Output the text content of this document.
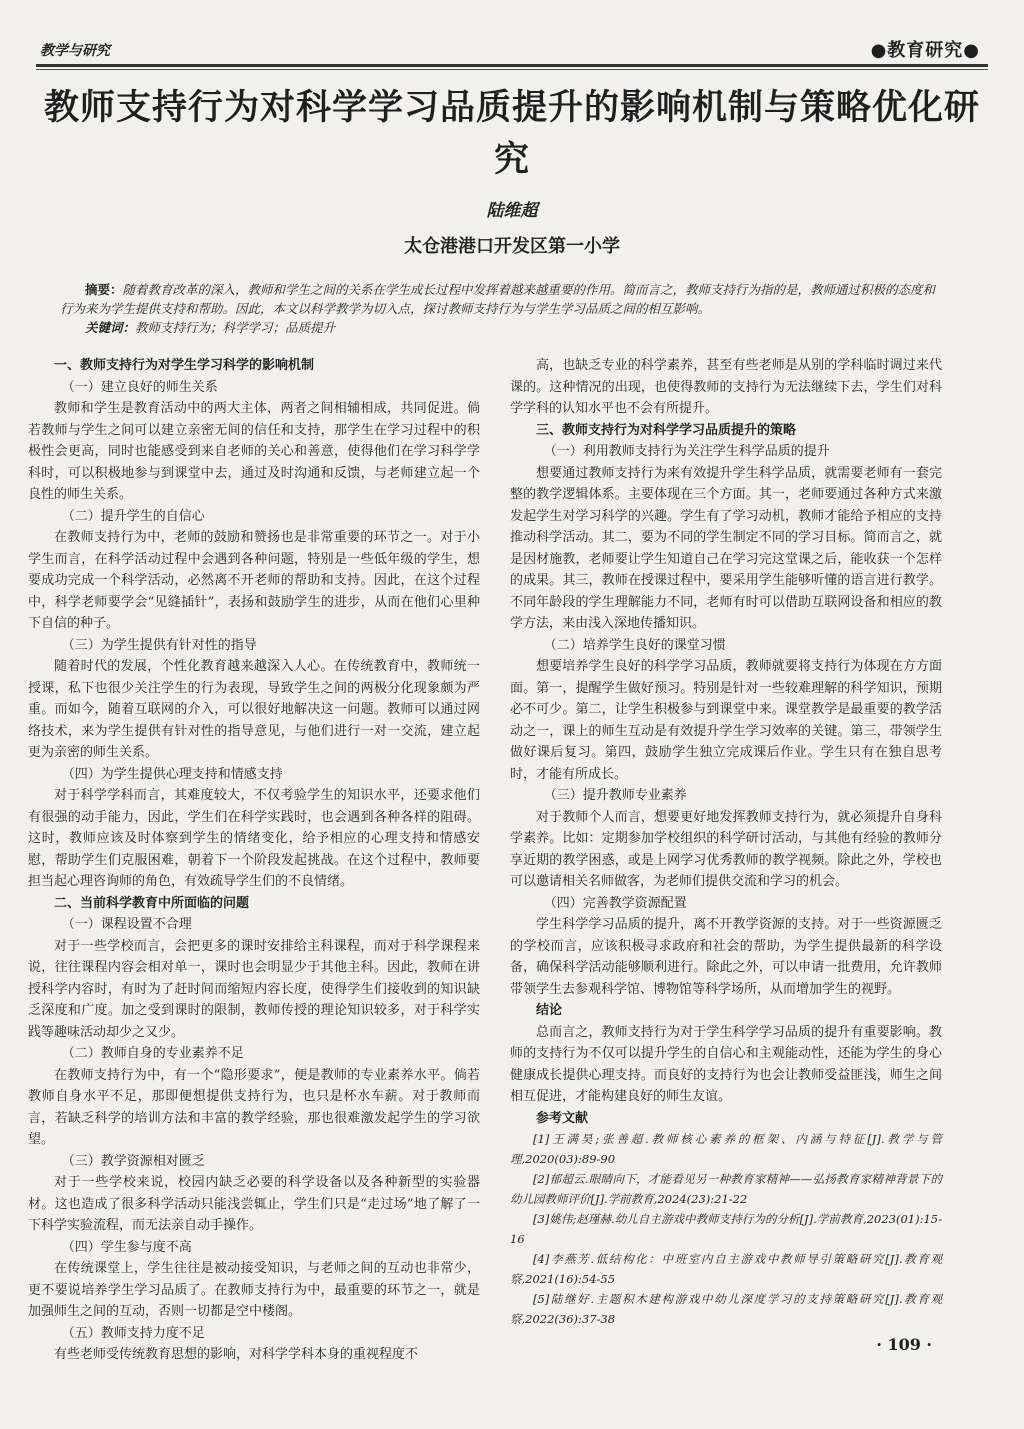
教学与研究	●教育研究●
教师支持行为对科学学习品质提升的影响机制与策略优化研究
陆维超
太仓港港口开发区第一小学
摘要：随着教育改革的深入，教师和学生之间的关系在学生成长过程中发挥着越来越重要的作用。简而言之，教师支持行为指的是，教师通过积极的态度和行为来为学生提供支持和帮助。因此，本文以科学教学为切入点，探讨教师支持行为与学生学习品质之间的相互影响。
关键词：教师支持行为；科学学习；品质提升
一、教师支持行为对学生学习科学的影响机制
（一）建立良好的师生关系

教师和学生是教育活动中的两大主体，两者之间相辅相成，共同促进。倘若教师与学生之间可以建立亲密无间的信任和支持，那学生在学习过程中的积极性会更高，同时也能感受到来自老师的关心和善意，使得他们在学习科学学科时，可以积极地参与到课堂中去，通过及时沟通和反馈，与老师建立起一个良性的师生关系。

（二）提升学生的自信心

在教师支持行为中，老师的鼓励和赞扬也是非常重要的环节之一。对于小学生而言，在科学活动过程中会遇到各种问题，特别是一些低年级的学生，想要成功完成一个科学活动，必然离不开老师的帮助和支持。因此，在这个过程中，科学老师要学会“见缝插针”，表扬和鼓励学生的进步，从而在他们心里种下自信的种子。

（三）为学生提供有针对性的指导

随着时代的发展，个性化教育越来越深入人心。在传统教育中，教师统一授课，私下也很少关注学生的行为表现，导致学生之间的两极分化现象颇为严重。而如今，随着互联网的介入，可以很好地解决这一问题。教师可以通过网络技术，来为学生提供有针对性的指导意见，与他们进行一对一交流，建立起更为亲密的师生关系。

（四）为学生提供心理支持和情感支持

对于科学学科而言，其难度较大，不仅考验学生的知识水平，还要求他们有很强的动手能力，因此，学生们在科学实践时，也会遇到各种各样的阻碍。这时，教师应该及时体察到学生的情绪变化，给予相应的心理支持和情感安慰，帮助学生们克服困难，朝着下一个阶段发起挑战。在这个过程中，教师要担当起心理咨询师的角色，有效疏导学生们的不良情绪。

二、当前科学教育中所面临的问题
（一）课程设置不合理

对于一些学校而言，会把更多的课时安排给主科课程，而对于科学课程来说，往往课程内容会相对单一，课时也会明显少于其他主科。因此，教师在讲授科学内容时，有时为了赶时间而缩短内容长度，使得学生们接收到的知识缺乏深度和广度。加之受到课时的限制，教师传授的理论知识较多，对于科学实践等趣味活动却少之又少。

（二）教师自身的专业素养不足

在教师支持行为中，有一个“隐形要求”，便是教师的专业素养水平。倘若教师自身水平不足，那即便想提供支持行为，也只是杯水车薪。对于教师而言，若缺乏科学的培训方法和丰富的教学经验，那也很难激发起学生的学习欲望。

（三）教学资源相对匮乏

对于一些学校来说，校园内缺乏必要的科学设备以及各种新型的实验器材。这也造成了很多科学活动只能浅尝辄止，学生们只是“走过场”地了解了一下科学实验流程，而无法亲自动手操作。

（四）学生参与度不高

在传统课堂上，学生往往是被动接受知识，与老师之间的互动也非常少，更不要说培养学生学习品质了。在教师支持行为中，最重要的环节之一，就是加强师生之间的互动，否则一切都是空中楼阁。

（五）教师支持力度不足

有些老师受传统教育思想的影响，对科学学科本身的重视程度不

高，也缺乏专业的科学素养，甚至有些老师是从别的学科临时调过来代课的。这种情况的出现，也使得教师的支持行为无法继续下去，学生们对科学学科的认知水平也不会有所提升。

三、教师支持行为对科学学习品质提升的策略
（一）利用教师支持行为关注学生科学品质的提升

想要通过教师支持行为来有效提升学生科学品质，就需要老师有一套完整的教学逻辑体系。主要体现在三个方面。其一，老师要通过各种方式来激发起学生对学习科学的兴趣。学生有了学习动机，教师才能给予相应的支持推动科学活动。其二，要为不同的学生制定不同的学习目标。简而言之，就是因材施教，老师要让学生知道自己在学习完这堂课之后，能收获一个怎样的成果。其三，教师在授课过程中，要采用学生能够听懂的语言进行教学。不同年龄段的学生理解能力不同，老师有时可以借助互联网设备和相应的教学方法，来由浅入深地传播知识。

（二）培养学生良好的课堂习惯

想要培养学生良好的科学学习品质，教师就要将支持行为体现在方方面面。第一，提醒学生做好预习。特别是针对一些较难理解的科学知识，预期必不可少。第二，让学生积极参与到课堂中来。课堂教学是最重要的教学活动之一，课上的师生互动是有效提升学生学习效率的关键。第三，带领学生做好课后复习。第四，鼓励学生独立完成课后作业。学生只有在独自思考时，才能有所成长。

（三）提升教师专业素养

对于教师个人而言，想要更好地发挥教师支持行为，就必须提升自身科学素养。比如：定期参加学校组织的科学研讨活动，与其他有经验的教师分享近期的教学困惑，或是上网学习优秀教师的教学视频。除此之外，学校也可以邀请相关名师做客，为老师们提供交流和学习的机会。

（四）完善教学资源配置

学生科学学习品质的提升，离不开教学资源的支持。对于一些资源匮乏的学校而言，应该积极寻求政府和社会的帮助，为学生提供最新的科学设备，确保科学活动能够顺利进行。除此之外，可以申请一批费用，允许教师带领学生去参观科学馆、博物馆等科学场所，从而增加学生的视野。

结论

总而言之，教师支持行为对于学生科学学习品质的提升有重要影响。教师的支持行为不仅可以提升学生的自信心和主观能动性，还能为学生的身心健康成长提供心理支持。而良好的支持行为也会让教师受益匪浅，师生之间相互促进，才能构建良好的师生友谊。

参考文献

[1]王满昊;张善超.教师核心素养的框架、内涵与特征[J].教学与管理,2020(03):89-90

[2]郁超云.眼睛向下，才能看见另一种教育家精神——弘扬教育家精神背景下的幼儿园教师评价[J].学前教育,2024(23):21-22

[3]姚伟;赵瑾赫.幼儿自主游戏中教师支持行为的分析[J].学前教育,2023(01):15-16

[4]李燕芳.低结构化：中班室内自主游戏中教师导引策略研究[J].教育观察,2021(16):54-55

[5]陆继好.主题积木建构游戏中幼儿深度学习的支持策略研究[J].教育观察,2022(36):37-38

· 109 ·
